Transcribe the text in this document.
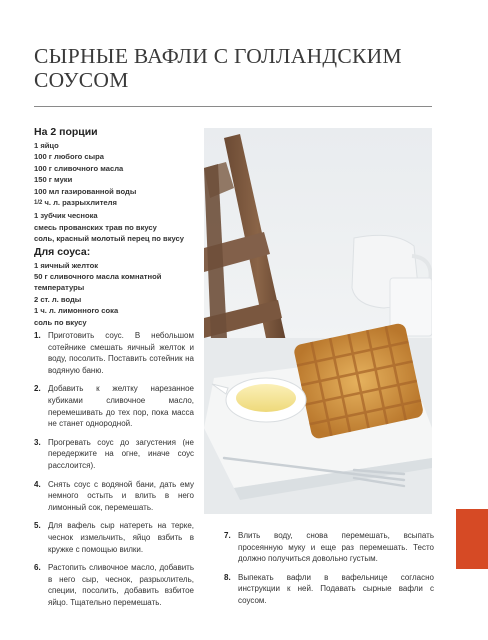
СЫРНЫЕ ВАФЛИ С ГОЛЛАНДСКИМ СОУСОМ
На 2 порции
1 яйцо
100 г любого сыра
100 г сливочного масла
150 г муки
100 мл газированной воды
1/2 ч. л. разрыхлителя
1 зубчик чеснока
смесь прованских трав по вкусу
соль, красный молотый перец по вкусу
Для соуса:
1 яичный желток
50 г сливочного масла комнатной температуры
2 ст. л. воды
1 ч. л. лимонного сока
соль по вкусу
1. Приготовить соус. В небольшом сотейнике смешать яичный желток и воду, посолить. Поставить сотейник на водяную баню.
2. Добавить к желтку нарезанное кубиками сливочное масло, перемешивать до тех пор, пока масса не станет однородной.
3. Прогревать соус до загустения (не передержите на огне, иначе соус расслоится).
4. Снять соус с водяной бани, дать ему немного остыть и влить в него лимонный сок, перемешать.
5. Для вафель сыр натереть на терке, чеснок измельчить, яйцо взбить в кружке с помощью вилки.
6. Растопить сливочное масло, добавить в него сыр, чеснок, разрыхлитель, специи, посолить, добавить взбитое яйцо. Тщательно перемешать.
7. Влить воду, снова перемешать, всыпать просеянную муку и еще раз перемешать. Тесто должно получиться довольно густым.
8. Выпекать вафли в вафельнице согласно инструкции к ней. Подавать сырные вафли с соусом.
